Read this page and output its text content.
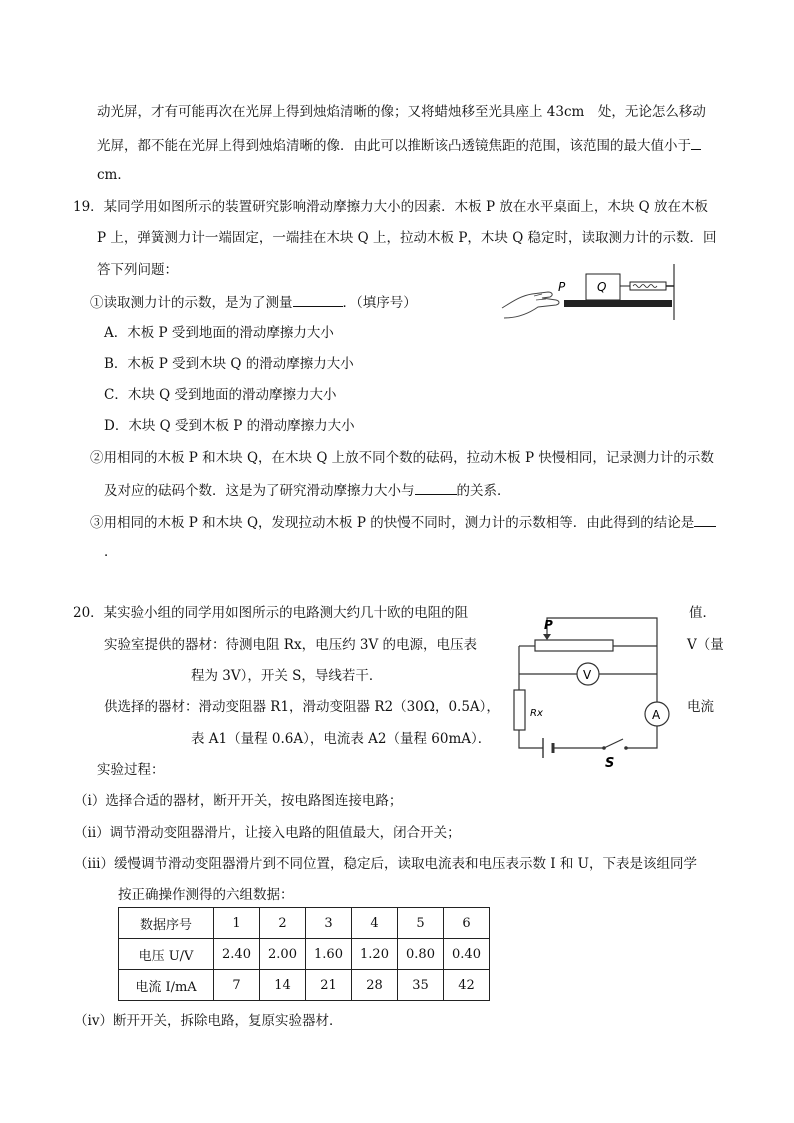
动光屏，才有可能再次在光屏上得到烛焰清晰的像；又将蜡烛移至光具座上 43cm　处，无论怎么移动
光屏，都不能在光屏上得到烛焰清晰的像．由此可以推断该凸透镜焦距的范围，该范围的最大值小于
cm．
19．某同学用如图所示的装置研究影响滑动摩擦力大小的因素．木板 P 放在水平桌面上，木块 Q 放在木板
P 上，弹簧测力计一端固定，一端挂在木块 Q 上，拉动木板 P，木块 Q 稳定时，读取测力计的示数．回
答下列问题：
①读取测力计的示数，是为了测量	．（填序号）
A．木板 P 受到地面的滑动摩擦力大小
B．木板 P 受到木块 Q 的滑动摩擦力大小
C．木块 Q 受到地面的滑动摩擦力大小
D．木块 Q 受到木板 P 的滑动摩擦力大小
②用相同的木板 P 和木块 Q，在木块 Q 上放不同个数的砝码，拉动木板 P 快慢相同，记录测力计的示数
及对应的砝码个数．这是为了研究滑动摩擦力大小与	的关系．
③用相同的木板 P 和木块 Q，发现拉动木板 P 的快慢不同时，测力计的示数相等．由此得到的结论是
．
Q
P
20．某实验小组的同学用如图所示的电路测大约几十欧的电阻的阻	值．
实验室提供的器材：待测电阻 Rx，电压约 3V 的电源，电压表	V（量
程为 3V），开关 S，导线若干．
供选择的器材：滑动变阻器 R1，滑动变阻器 R2（30Ω，0.5A），	电流
表 A1（量程 0.6A），电流表 A2（量程 60mA）．
实验过程：
（i）选择合适的器材，断开开关，按电路图连接电路；
（ii）调节滑动变阻器滑片，让接入电路的阻值最大，闭合开关；
（iii）缓慢调节滑动变阻器滑片到不同位置，稳定后，读取电流表和电压表示数 I 和 U，下表是该组同学
按正确操作测得的六组数据：
（iv）断开开关，拆除电路，复原实验器材．
P
V
Rx	A
S
数据序号	1	2	3	4	5	6
电压 U/V	2.40	2.00	1.60	1.20	0.80	0.40
电流 I/mA	7	14	21	28	35	42
